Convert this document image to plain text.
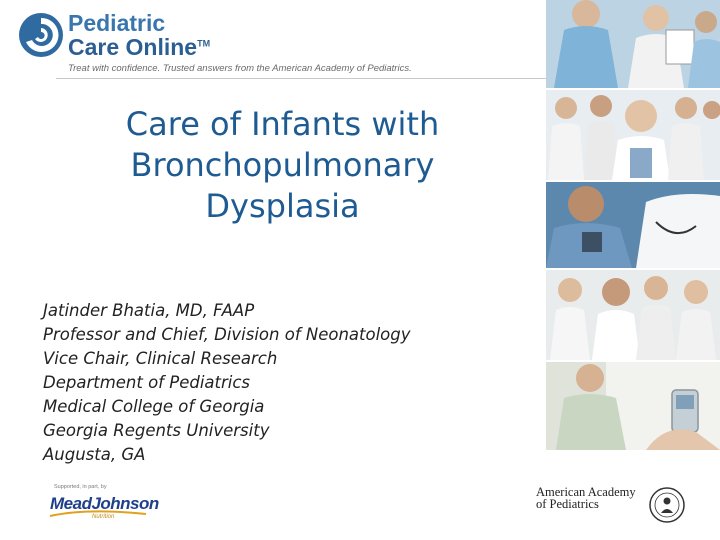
Pediatric
Care Online™
Treat with confidence. Trusted answers from the American Academy of Pediatrics.
Care of Infants with
Bronchopulmonary
Dysplasia
Jatinder Bhatia, MD, FAAP
Professor and Chief, Division of Neonatology
Vice Chair, Clinical Research
Department of Pediatrics
Medical College of Georgia
Georgia Regents University
Augusta, GA
Supported, in part, by
MeadJohnson
Nutrition
American Academy
of Pediatrics
